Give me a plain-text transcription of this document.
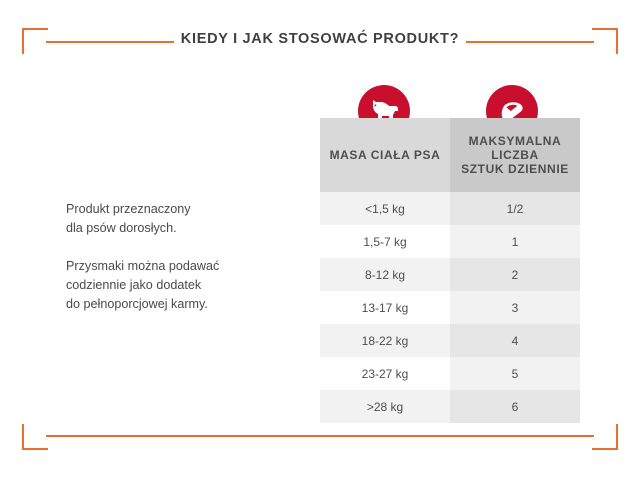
KIEDY I JAK STOSOWAĆ PRODUKT?

Produkt przeznaczony
dla psów dorosłych.

Przysmaki można podawać
codziennie jako dodatek
do pełnoporcjowej karmy.

MASA CIAŁA PSA	MAKSYMALNA LICZBA
SZTUK DZIENNIE
<1,5 kg	1/2
1,5-7 kg	1
8-12 kg	2
13-17 kg	3
18-22 kg	4
23-27 kg	5
>28 kg	6
